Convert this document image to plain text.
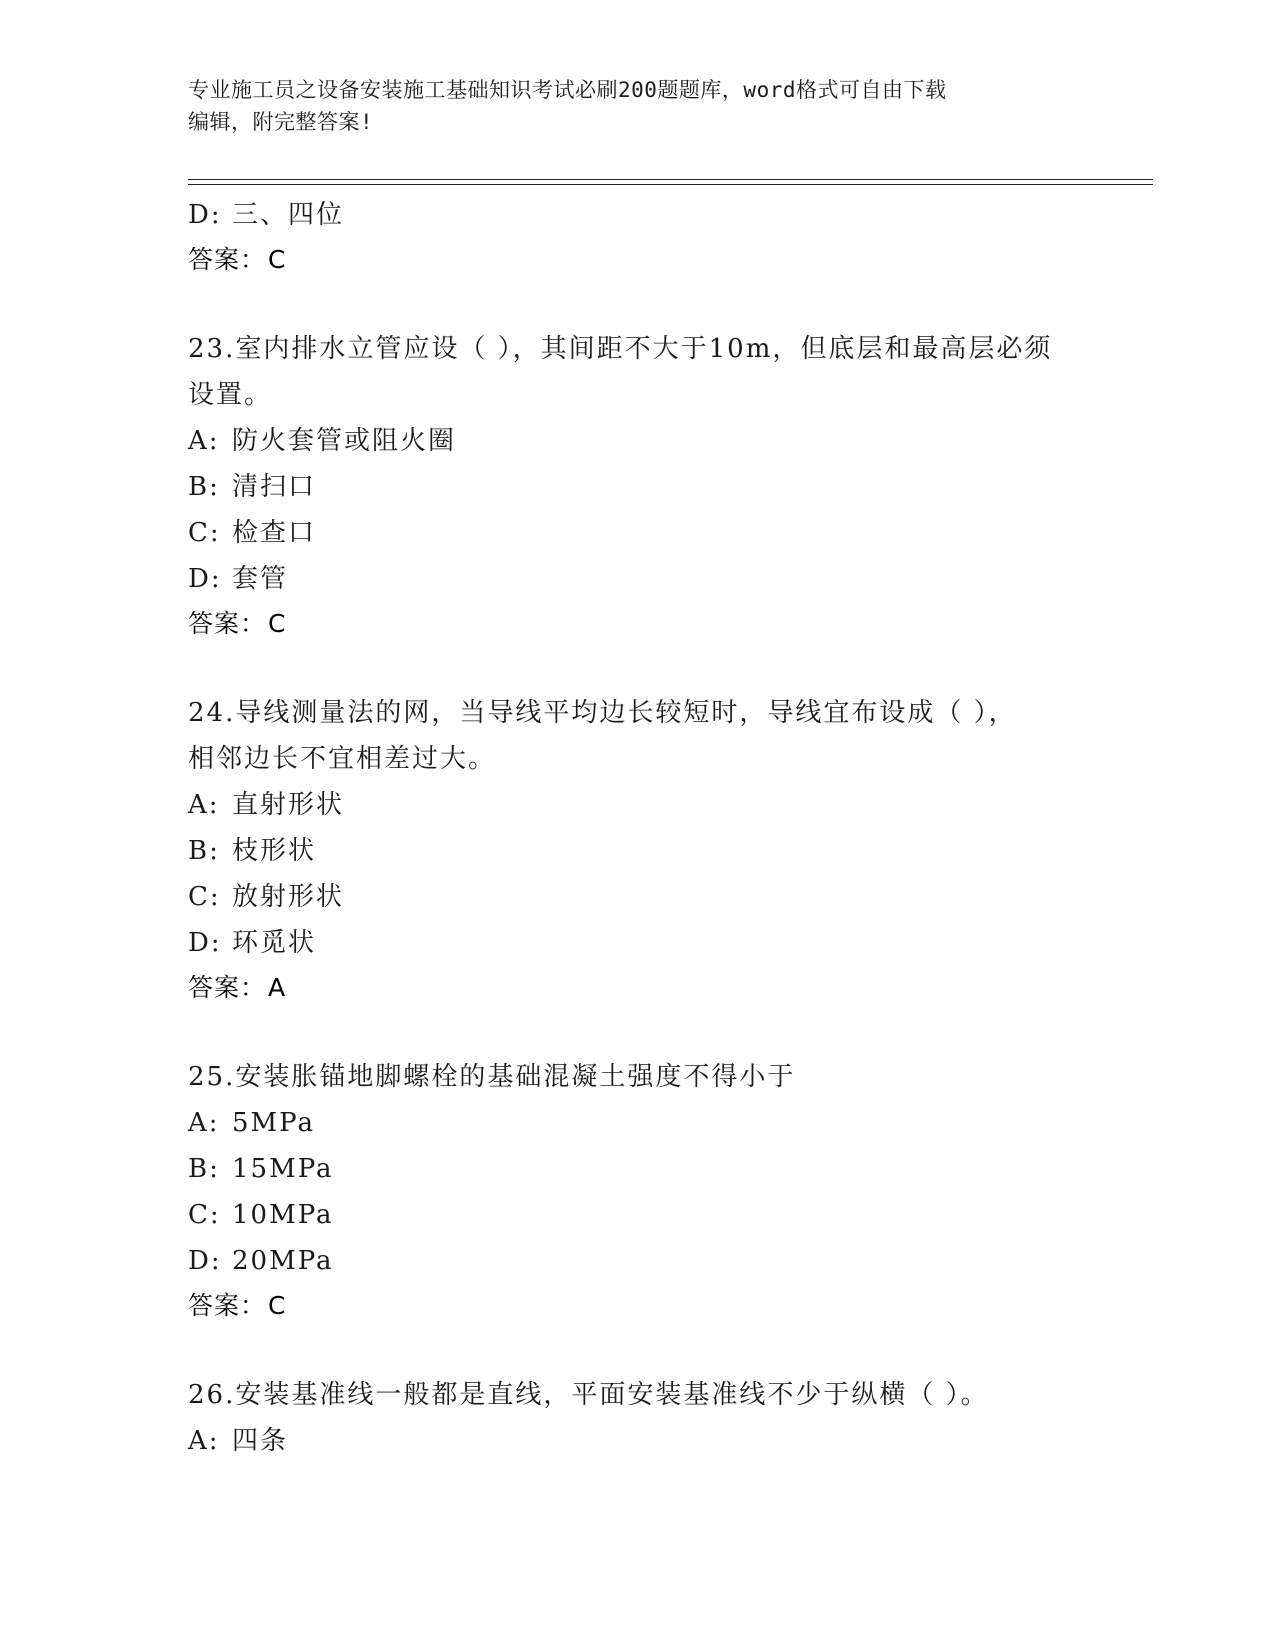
专业施工员之设备安装施工基础知识考试必刷200题题库，word格式可自由下载
编辑，附完整答案!
D: 三、四位
答案：C
23.室内排水立管应设（ ），其间距不大于10m，但底层和最高层必须
设置。
A: 防火套管或阻火圈
B: 清扫口
C: 检查口
D: 套管
答案：C
24.导线测量法的网，当导线平均边长较短时，导线宜布设成（ ），
相邻边长不宜相差过大。
A: 直射形状
B: 枝形状
C: 放射形状
D: 环觅状
答案：A
25.安装胀锚地脚螺栓的基础混凝土强度不得小于
A: 5MPa
B: 15MPa
C: 10MPa
D: 20MPa
答案：C
26.安装基准线一般都是直线，平面安装基准线不少于纵横（ ）。
A: 四条
